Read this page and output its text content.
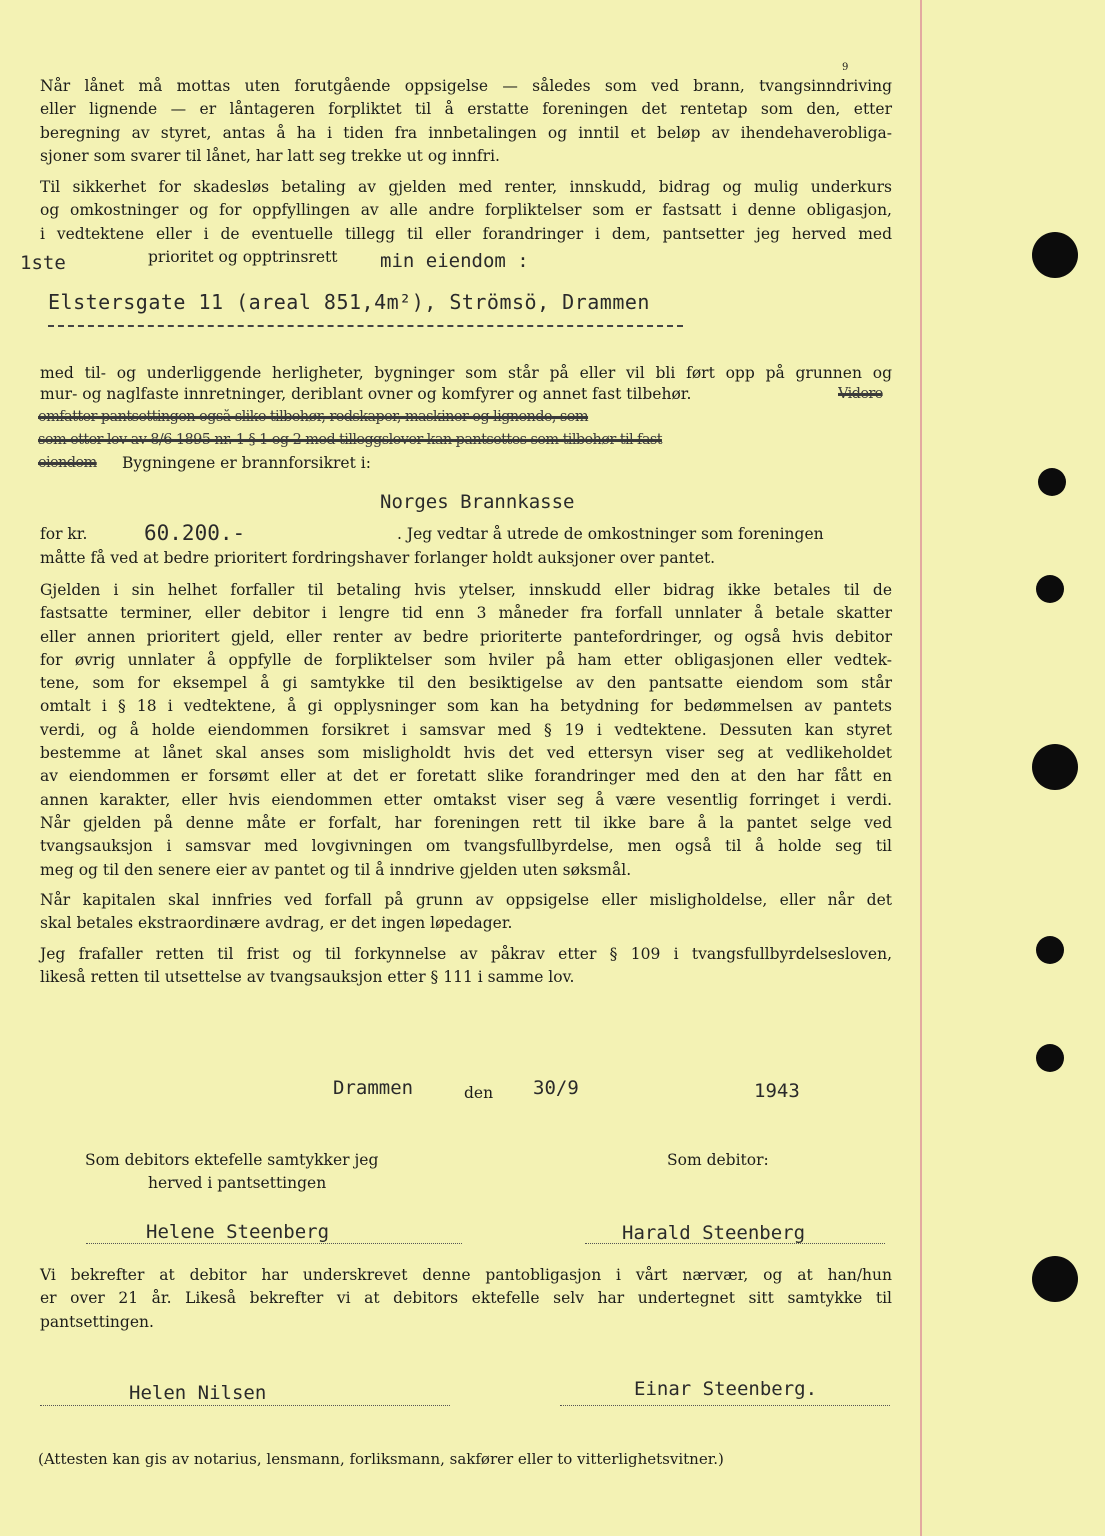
9

Når lånet må mottas uten forutgående oppsigelse — således som ved brann, tvangsinndriving
eller lignende — er låntageren forpliktet til å erstatte foreningen det rentetap som den, etter
beregning av styret, antas å ha i tiden fra innbetalingen og inntil et beløp av ihendehaverobliga-
sjoner som svarer til lånet, har latt seg trekke ut og innfri.

Til sikkerhet for skadesløs betaling av gjelden med renter, innskudd, bidrag og mulig underkurs
og omkostninger og for oppfyllingen av alle andre forpliktelser som er fastsatt i denne obligasjon,
i vedtektene eller i de eventuelle tillegg til eller forandringer i dem, pantsetter jeg herved med

1ste	prioritet og opptrinsrett min eiendom :
Elstersgate 11 (areal 851,4m²), Strömsö, Drammen

med til- og underliggende herligheter, bygninger som står på eller vil bli ført opp på grunnen og

mur- og naglfaste innretninger, deriblant ovner og komfyrer og annet fast tilbehør.	Videre
omfatter pantsettingen også slike tilbehør, redskaper, maskiner og lignende, som
som etter lov av 8/6 1895 nr. 1 § 1 og 2 med tilleggslover kan pantsettes som tilbehør til fast
eiendom Bygningene er brannforsikret i:
Norges Brannkasse
for kr.	60.200.-	. Jeg vedtar å utrede de omkostninger som foreningen
måtte få ved at bedre prioritert fordringshaver forlanger holdt auksjoner over pantet.

Gjelden i sin helhet forfaller til betaling hvis ytelser, innskudd eller bidrag ikke betales til de
fastsatte terminer, eller debitor i lengre tid enn 3 måneder fra forfall unnlater å betale skatter
eller annen prioritert gjeld, eller renter av bedre prioriterte pantefordringer, og også hvis debitor
for øvrig unnlater å oppfylle de forpliktelser som hviler på ham etter obligasjonen eller vedtek-
tene, som for eksempel å gi samtykke til den besiktigelse av den pantsatte eiendom som står
omtalt i § 18 i vedtektene, å gi opplysninger som kan ha betydning for bedømmelsen av pantets
verdi, og å holde eiendommen forsikret i samsvar med § 19 i vedtektene. Dessuten kan styret
bestemme at lånet skal anses som misligholdt hvis det ved ettersyn viser seg at vedlikeholdet
av eiendommen er forsømt eller at det er foretatt slike forandringer med den at den har fått en
annen karakter, eller hvis eiendommen etter omtakst viser seg å være vesentlig forringet i verdi.
Når gjelden på denne måte er forfalt, har foreningen rett til ikke bare å la pantet selge ved
tvangsauksjon i samsvar med lovgivningen om tvangsfullbyrdelse, men også til å holde seg til
meg og til den senere eier av pantet og til å inndrive gjelden uten søksmål.

Når kapitalen skal innfries ved forfall på grunn av oppsigelse eller misligholdelse, eller når det
skal betales ekstraordinære avdrag, er det ingen løpedager.

Jeg frafaller retten til frist og til forkynnelse av påkrav etter § 109 i tvangsfullbyrdelsesloven,
likeså retten til utsettelse av tvangsauksjon etter § 111 i samme lov.

Drammen	den 30/9	1943
Som debitors ektefelle samtykker jeg
herved i pantsettingen
Som debitor:
Helene Steenberg	Harald Steenberg

Vi bekrefter at debitor har underskrevet denne pantobligasjon i vårt nærvær, og at han/hun
er over 21 år. Likeså bekrefter vi at debitors ektefelle selv har undertegnet sitt samtykke til
pantsettingen.

Helen Nilsen	Einar Steenberg.
(Attesten kan gis av notarius, lensmann, forliksmann, sakfører eller to vitterlighetsvitner.)
